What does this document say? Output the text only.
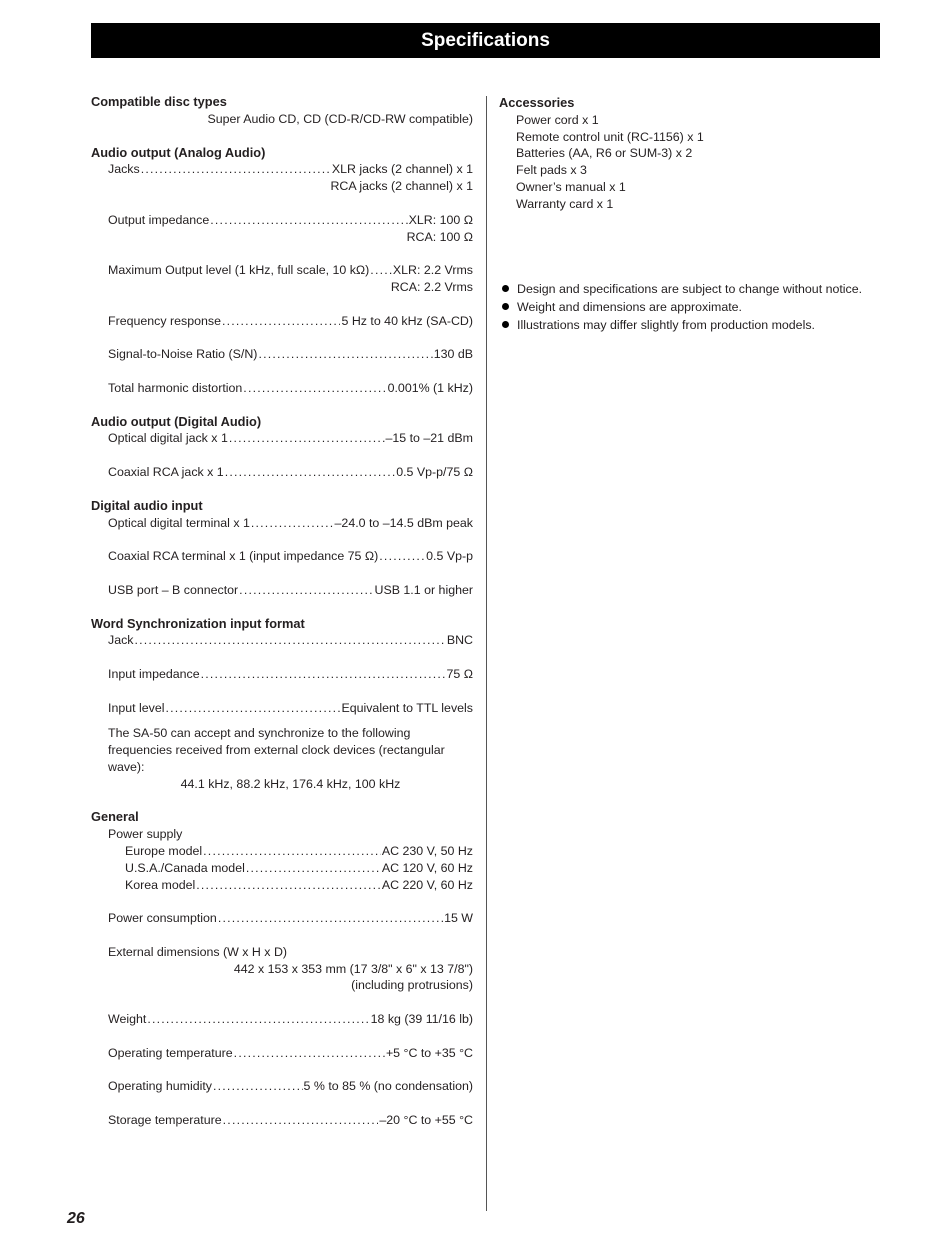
Specifications

Compatible disc types

Super Audio CD, CD (CD-R/CD-RW compatible)

Audio output (Analog Audio)

Jacks .....	XLR jacks (2 channel) x 1
RCA jacks (2 channel) x 1
Output impedance .....	XLR: 100 Ω
RCA: 100 Ω
Maximum Output level (1 kHz, full scale, 10 kΩ) ..... XLR: 2.2 Vrms
RCA: 2.2 Vrms
Frequency response .....	5 Hz to 40 kHz (SA-CD)
Signal-to-Noise Ratio (S/N) .....	130 dB
Total harmonic distortion .....	0.001% (1 kHz)

Audio output (Digital Audio)

Optical digital jack x 1 .....	–15 to –21 dBm
Coaxial RCA jack x 1 .....	0.5 Vp-p/75 Ω

Digital audio input

Optical digital terminal x 1 .....	–24.0 to –14.5 dBm peak
Coaxial RCA terminal x 1 (input impedance 75 Ω) .....	0.5 Vp-p
USB port – B connector .....	USB 1.1 or higher

Word Synchronization input format

Jack .....	BNC
Input impedance .....	75 Ω
Input level .....	Equivalent to TTL levels
The SA-50 can accept and synchronize to the following frequencies received from external clock devices (rectangular wave):
44.1 kHz, 88.2 kHz, 176.4 kHz, 100 kHz

General

Power supply
Europe model .....	AC 230 V, 50 Hz
U.S.A./Canada model .....	AC 120 V, 60 Hz
Korea model .....	AC 220 V, 60 Hz
Power consumption .....	15 W
External dimensions (W x H x D)
442 x 153 x 353 mm (17 3/8" x 6" x 13 7/8")
(including protrusions)
Weight .....	18 kg (39 11/16 lb)
Operating temperature .....	+5 °C to +35 °C
Operating humidity .....	5 % to 85 % (no condensation)
Storage temperature .....	–20 °C to +55 °C

Accessories

Power cord x 1
Remote control unit (RC-1156) x 1
Batteries (AA, R6 or SUM-3) x 2
Felt pads x 3
Owner’s manual x 1
Warranty card x 1
Design and specifications are subject to change without notice.
Weight and dimensions are approximate.
Illustrations may differ slightly from production models.
26
